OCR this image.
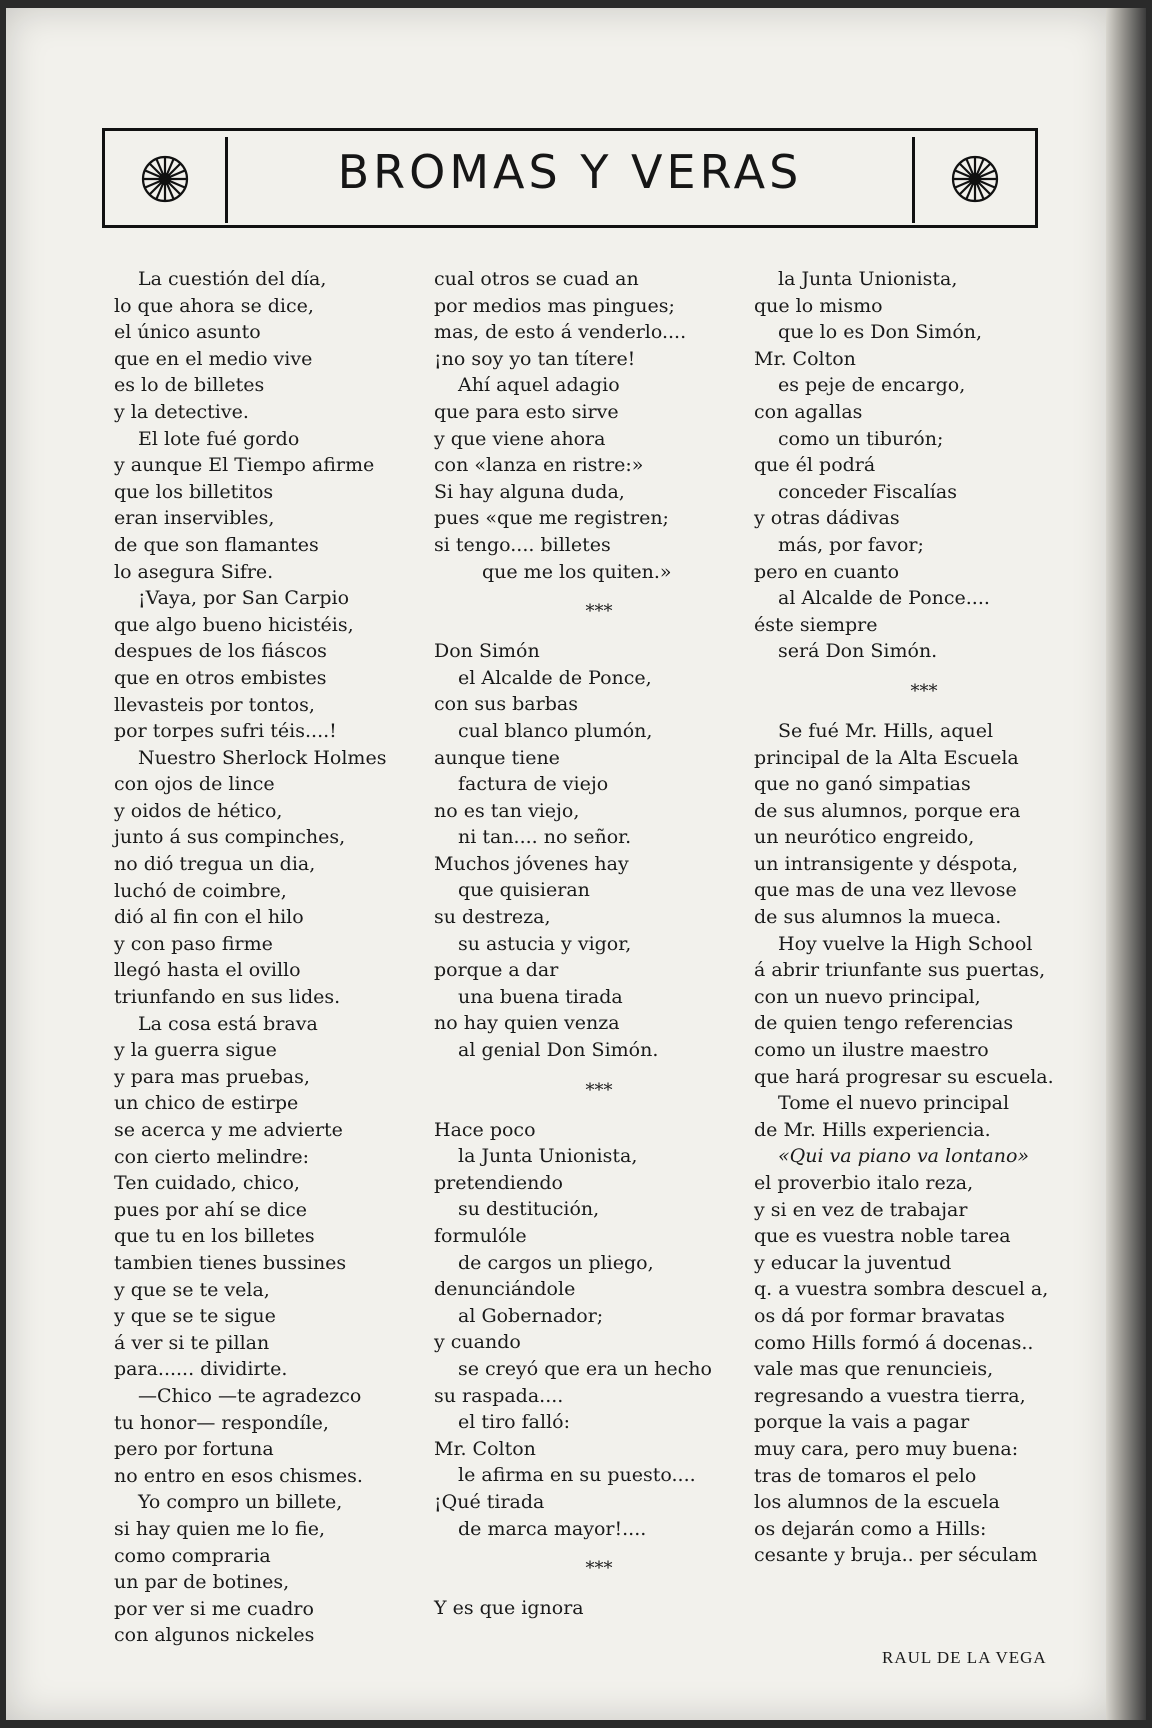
BROMAS Y VERAS
La cuestión del día,
lo que ahora se dice,
el único asunto
que en el medio vive
es lo de billetes
y la detective.
El lote fué gordo
y aunque El Tiempo afirme
que los billetitos
eran inservibles,
de que son flamantes
lo asegura Sifre.
¡Vaya, por San Carpio
que algo bueno hicistéis,
despues de los fiáscos
que en otros embistes
llevasteis por tontos,
por torpes sufri téis....!
Nuestro Sherlock Holmes
con ojos de lince
y oidos de hético,
junto á sus compinches,
no dió tregua un dia,
luchó de coimbre,
dió al fin con el hilo
y con paso firme
llegó hasta el ovillo
triunfando en sus lides.
La cosa está brava
y la guerra sigue
y para mas pruebas,
un chico de estirpe
se acerca y me advierte
con cierto melindre:
Ten cuidado, chico,
pues por ahí se dice
que tu en los billetes
tambien tienes bussines
y que se te vela,
y que se te sigue
á ver si te pillan
para...... dividirte.
—Chico —te agradezco
tu honor— respondíle,
pero por fortuna
no entro en esos chismes.
Yo compro un billete,
si hay quien me lo fie,
como compraria
un par de botines,
por ver si me cuadro
con algunos nickeles
cual otros se cuad an
por medios mas pingues;
mas, de esto á venderlo....
¡no soy yo tan títere!
Ahí aquel adagio
que para esto sirve
y que viene ahora
con «lanza en ristre:»
Si hay alguna duda,
pues «que me registren;
si tengo.... billetes
que me los quiten.»
***
Don Simón
el Alcalde de Ponce,
con sus barbas
cual blanco plumón,
aunque tiene
factura de viejo
no es tan viejo,
ni tan.... no señor.
Muchos jóvenes hay
que quisieran
su destreza,
su astucia y vigor,
porque a dar
una buena tirada
no hay quien venza
al genial Don Simón.
***
Hace poco
la Junta Unionista,
pretendiendo
su destitución,
formulóle
de cargos un pliego,
denunciándole
al Gobernador;
y cuando
se creyó que era un hecho
su raspada....
el tiro falló:
Mr. Colton
le afirma en su puesto....
¡Qué tirada
de marca mayor!....
***
Y es que ignora
la Junta Unionista,
que lo mismo
que lo es Don Simón,
Mr. Colton
es peje de encargo,
con agallas
como un tiburón;
que él podrá
conceder Fiscalías
y otras dádivas
más, por favor;
pero en cuanto
al Alcalde de Ponce....
éste siempre
será Don Simón.
***
Se fué Mr. Hills, aquel
principal de la Alta Escuela
que no ganó simpatias
de sus alumnos, porque era
un neurótico engreido,
un intransigente y déspota,
que mas de una vez llevose
de sus alumnos la mueca.
Hoy vuelve la High School
á abrir triunfante sus puertas,
con un nuevo principal,
de quien tengo referencias
como un ilustre maestro
que hará progresar su escuela.
Tome el nuevo principal
de Mr. Hills experiencia.
«Qui va piano va lontano»
el proverbio italo reza,
y si en vez de trabajar
que es vuestra noble tarea
y educar la juventud
q. a vuestra sombra descuel a,
os dá por formar bravatas
como Hills formó á docenas..
vale mas que renuncieis,
regresando a vuestra tierra,
porque la vais a pagar
muy cara, pero muy buena:
tras de tomaros el pelo
los alumnos de la escuela
os dejarán como a Hills:
cesante y bruja.. per séculam
RAUL DE LA VEGA
